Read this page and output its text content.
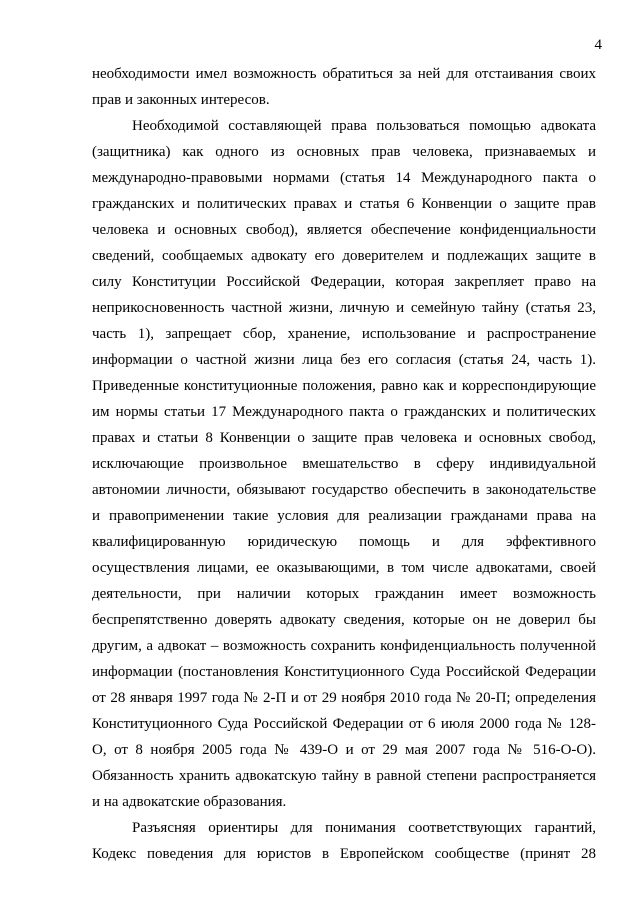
4
необходимости имел возможность обратиться за ней для отстаивания своих
прав и законных интересов.
Необходимой составляющей права пользоваться помощью адвоката
(защитника) как одного из основных прав человека, признаваемых и
международно-правовыми нормами (статья 14 Международного пакта о
гражданских и политических правах и статья 6 Конвенции о защите прав
человека и основных свобод), является обеспечение конфиденциальности
сведений, сообщаемых адвокату его доверителем и подлежащих защите в
силу Конституции Российской Федерации, которая закрепляет право на
неприкосновенность частной жизни, личную и семейную тайну (статья 23,
часть 1), запрещает сбор, хранение, использование и распространение
информации о частной жизни лица без его согласия (статья 24, часть 1).
Приведенные конституционные положения, равно как и корреспондирующие
им нормы статьи 17 Международного пакта о гражданских и политических
правах и статьи 8 Конвенции о защите прав человека и основных свобод,
исключающие произвольное вмешательство в сферу индивидуальной
автономии личности, обязывают государство обеспечить в законодательстве
и правоприменении такие условия для реализации гражданами права на
квалифицированную юридическую помощь и для эффективного
осуществления лицами, ее оказывающими, в том числе адвокатами, своей
деятельности, при наличии которых гражданин имеет возможность
беспрепятственно доверять адвокату сведения, которые он не доверил бы
другим, а адвокат – возможность сохранить конфиденциальность полученной
информации (постановления Конституционного Суда Российской Федерации
от 28 января 1997 года № 2-П и от 29 ноября 2010 года № 20-П; определения
Конституционного Суда Российской Федерации от 6 июля 2000 года № 128-
О, от 8 ноября 2005 года № 439-О и от 29 мая 2007 года № 516-О-О).
Обязанность хранить адвокатскую тайну в равной степени распространяется
и на адвокатские образования.
Разъясняя ориентиры для понимания соответствующих гарантий,
Кодекс поведения для юристов в Европейском сообществе (принят 28
